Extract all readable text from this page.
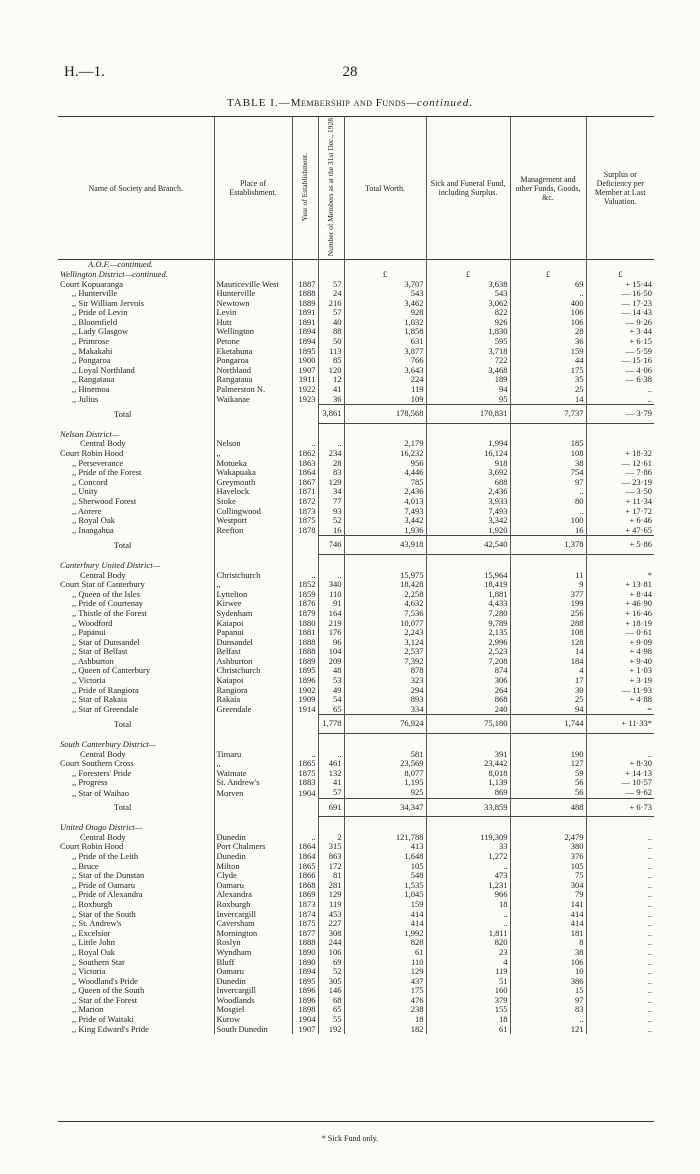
H.—1.	28
TABLE I.—Membership and Funds—continued.
Name of Society and Branch.	Place of Establishment.	Year of Establishment.	Number of Members as at the 31st Dec., 1928	Total Worth.	Sick and Funeral Fund, including Surplus.	Management and other Funds, Goods, &c.	Surplus or Deficiency per Member at Last Valuation.
A.O.F.—continued.							
Wellington District—continued.				£	£	£	£
Court Kopuaranga	Mauriceville West	1887	57	3,707	3,638	69	+ 15·44
,, Hunterville	Hunterville	1888	24	543	543	..	— 16·50
,, Sir William Jervois	Newtown	1889	216	3,462	3,062	400	— 17·23
,, Pride of Levin	Levin	1891	57	928	822	106	— 14·43
,, Bloomfield	Hutt	1891	40	1,032	926	106	— 9·26
,, Lady Glasgow	Wellington	1894	88	1,858	1,830	28	+ 3·44
,, Primrose	Petone	1894	50	631	595	36	+ 6·15
,, Makakahi	Eketahuna	1895	113	3,877	3,718	159	— 5·59
,, Pongaroa	Pongaroa	1900	85	766	722	44	— 15·16
,, Loyal Northland	Northland	1907	120	3,643	3,468	175	— 4·06
,, Rangataua	Rangataua	1911	12	224	189	35	— 6·38
,, Hinemoa	Palmerston N.	1922	41	119	94	25	..
,, Julius	Waikanae	1923	36	109	95	14	..
Total			3,861	178,568	170,831	7,737	— 3·79

Nelson District—							
Central Body	Nelson	..	..	2,179	1,994	185	
Court Robin Hood	,,	1862	234	16,232	16,124	108	+ 18·32
,, Perseverance	Motueka	1863	28	956	918	38	— 12·61
,, Pride of the Forest	Wakapuaka	1864	83	4,446	3,692	754	— 7·86
,, Concord	Greymouth	1867	129	785	688	97	— 23·19
,, Unity	Havelock	1871	34	2,436	2,436	..	— 3·50
,, Sherwood Forest	Stoke	1872	77	4,013	3,933	80	+ 11·34
,, Aorere	Collingwood	1873	93	7,493	7,493	..	+ 17·72
,, Royal Oak	Westport	1875	52	3,442	3,342	100	+ 6·46
,, Inangahua	Reefton	1878	16	1,936	1,920	16	+ 47·65
Total			746	43,918	42,540	1,378	+ 5·86

Canterbury United District—							
Central Body	Christchurch	..	..	15,975	15,964	11	*
Court Star of Canterbury	,,	1852	340	18,428	18,419	9	+ 13·81
,, Queen of the Isles	Lyttelton	1859	110	2,258	1,881	377	+ 8·44
,, Pride of Courtenay	Kirwee	1876	91	4,632	4,433	199	+ 46·90
,, Thistle of the Forest	Sydenham	1879	164	7,536	7,280	256	+ 16·46
,, Woodford	Kaiapoi	1880	219	10,077	9,789	288	+ 18·19
,, Papanui	Papanui	1881	176	2,243	2,135	108	— 0·61
,, Star of Dunsandel	Dunsandel	1888	96	3,124	2,996	128	+ 9·09
,, Star of Belfast	Belfast	1888	104	2,537	2,523	14	+ 4·98
,, Ashburton	Ashburton	1889	209	7,392	7,208	184	+ 9·40
,, Queen of Canterbury	Christchurch	1895	48	878	874	4	+ 1·03
,, Victoria	Kaiapoi	1896	53	323	306	17	+ 3·19
,, Pride of Rangiora	Rangiora	1902	49	294	264	30	— 11·93
,, Star of Rakaia	Rakaia	1909	54	893	868	25	+ 4·88
,, Star of Greendale	Greendale	1914	65	334	240	94	=
Total			1,778	76,924	75,180	1,744	+ 11·33*

South Canterbury District—							
Central Body	Timaru	..	..	581	391	190	..
Court Southern Cross	,,	1865	461	23,569	23,442	127	+ 8·30
,, Foresters' Pride	Waimate	1875	132	8,077	8,018	59	+ 14·13
,, Progress	St. Andrew's	1883	41	1,195	1,139	56	— 10·57
,, Star of Waihao	Morven	1904	57	925	869	56	— 9·62
Total			691	34,347	33,859	488	+ 6·73

United Otago District—							
Central Body	Dunedin	..	2	121,788	119,309	2,479	..
Court Robin Hood	Port Chalmers	1864	315	413	33	380	..
,, Pride of the Leith	Dunedin	1864	863	1,648	1,272	376	..
,, Bruce	Milton	1865	172	105	..	105	..
,, Star of the Dunstan	Clyde	1866	81	548	473	75	..
,, Pride of Oamaru	Oamaru	1868	281	1,535	1,231	304	..
,, Pride of Alexandra	Alexandra	1869	129	1,045	966	79	..
,, Roxburgh	Roxburgh	1873	119	159	18	141	..
,, Star of the South	Invercargill	1874	453	414	..	414	..
,, St. Andrew's	Caversham	1875	227	414	..	414	..
,, Excelsior	Mornington	1877	308	1,992	1,811	181	..
,, Little John	Roslyn	1888	244	828	820	8	..
,, Royal Oak	Wyndham	1890	106	61	23	38	..
,, Southern Star	Bluff	1890	69	110	4	106	..
,, Victoria	Oamaru	1894	52	129	119	10	..
,, Woodland's Pride	Dunedin	1895	305	437	51	386	..
,, Queen of the South	Invercargill	1896	146	175	160	15	..
,, Star of the Forest	Woodlands	1896	68	476	379	97	..
,, Marion	Mosgiel	1898	65	238	155	83	..
,, Pride of Waitaki	Kurow	1904	55	18	18	..	..
,, King Edward's Pride	South Dunedin	1907	192	182	61	121	..
* Sick Fund only.
